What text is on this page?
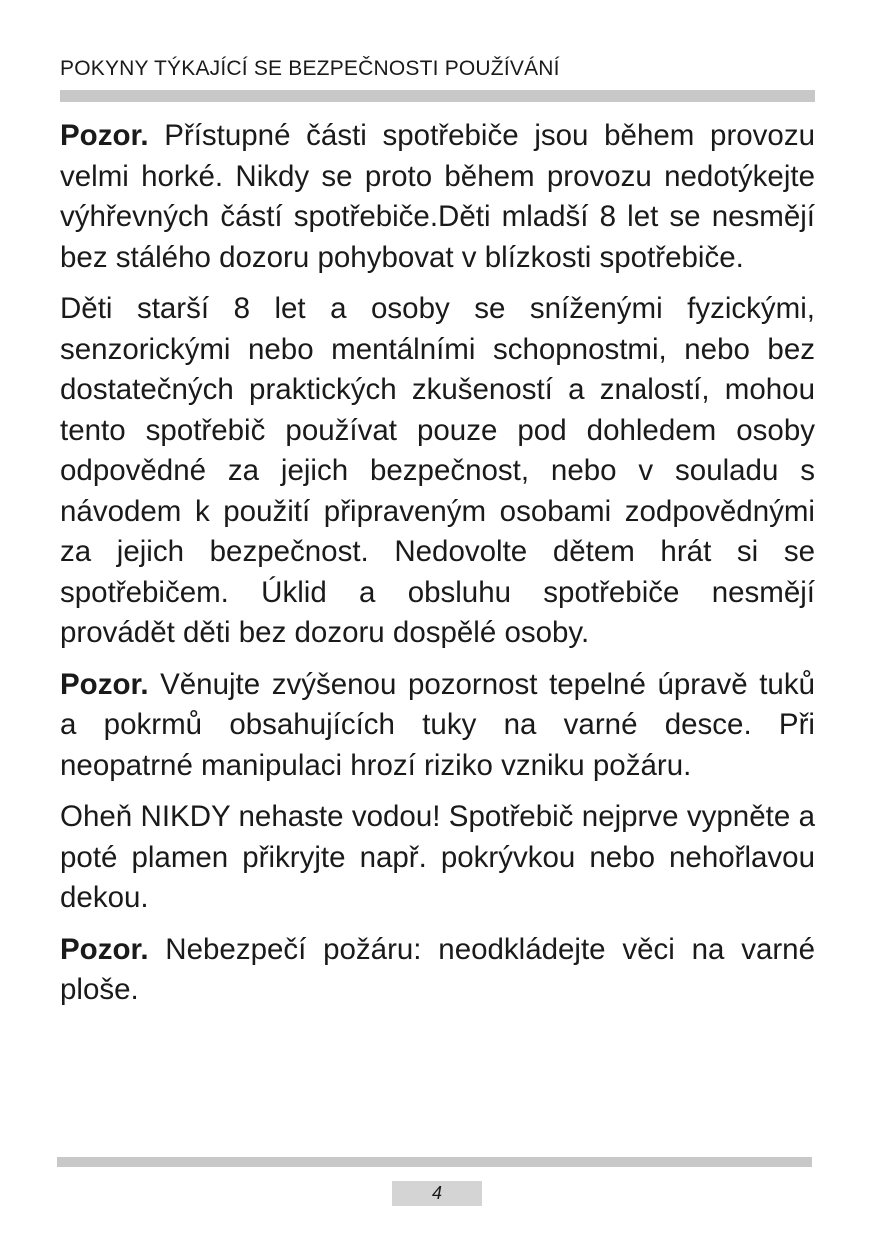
POKYNY TÝKAJÍCÍ SE BEZPEČNOSTI POUŽÍVÁNÍ

Pozor. Přístupné části spotřebiče jsou během provozu velmi horké. Nikdy se proto během provozu nedotýkejte výhřevných částí spotřebiče.Děti mladší 8 let se nesmějí bez stálého dozoru pohybovat v blízkosti spotřebiče.

Děti starší 8 let a osoby se sníženými fyzickými, senzorickými nebo mentálními schopnostmi, nebo bez dostatečných praktických zkušeností a znalostí, mohou tento spotřebič používat pouze pod dohledem osoby odpovědné za jejich bezpečnost, nebo v souladu s návodem k použití připraveným osobami zodpovědnými za jejich bezpečnost. Nedovolte dětem hrát si se spotřebičem. Úklid a obsluhu spotřebiče nesmějí provádět děti bez dozoru dospělé osoby.

Pozor. Věnujte zvýšenou pozornost tepelné úpravě tuků a pokrmů obsahujících tuky na varné desce. Při neopatrné manipulaci hrozí riziko vzniku požáru.

Oheň NIKDY nehaste vodou! Spotřebič nejprve vypněte a poté plamen přikryjte např. pokrývkou nebo nehořlavou dekou.

Pozor. Nebezpečí požáru: neodkládejte věci na varné ploše.

4
